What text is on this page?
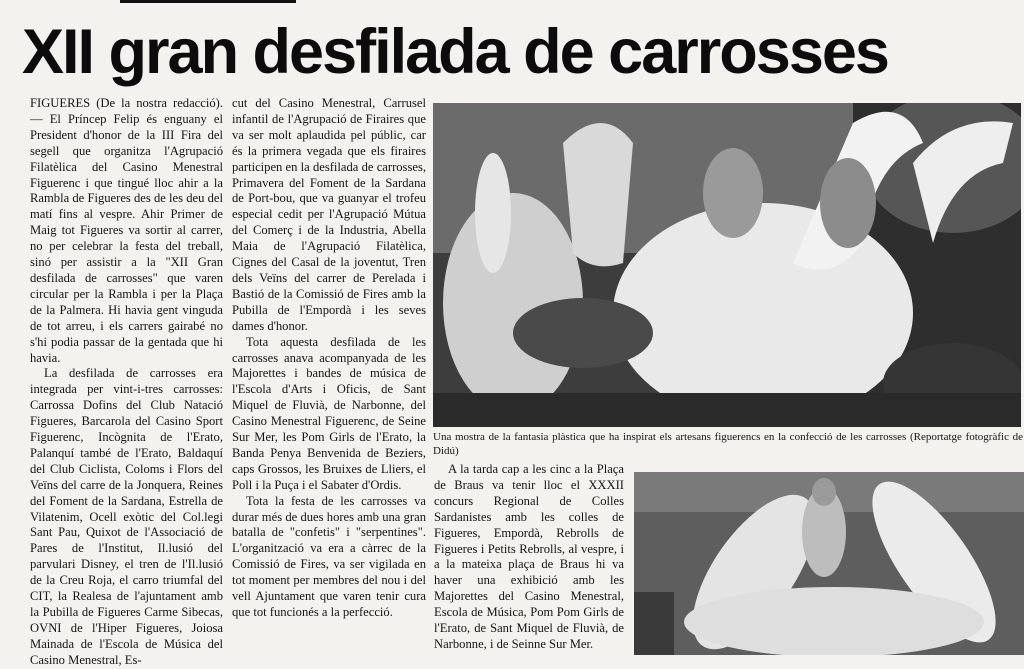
XII gran desfilada de carrosses

FIGUERES (De la nostra redacció).— El Príncep Felip és enguany el President d'honor de la III Fira del segell que organitza l'Agrupació Filatèlica del Casino Menestral Figuerenc i que tingué lloc ahir a la Rambla de Figueres des de les deu del matí fins al vespre. Ahir Primer de Maig tot Figueres va sortir al carrer, no per celebrar la festa del treball, sinó per assistir a la "XII Gran desfilada de carrosses" que varen circular per la Rambla i per la Plaça de la Palmera. Hi havia gent vinguda de tot arreu, i els carrers gairabé no s'hi podia passar de la gentada que hi havia.

La desfilada de carrosses era integrada per vint-i-tres carrosses: Carrossa Dofins del Club Natació Figueres, Barcarola del Casino Sport Figuerenc, Incògnita de l'Erato, Palanquí també de l'Erato, Baldaquí del Club Ciclista, Coloms i Flors del Veïns del carre de la Jonquera, Reines del Foment de la Sardana, Estrella de Vilatenim, Ocell exòtic del Col.legi Sant Pau, Quixot de l'Associació de Pares de l'Institut, Il.lusió del parvulari Disney, el tren de l'Il.lusió de la Creu Roja, el carro triumfal del CIT, la Realesa de l'ajuntament amb la Pubilla de Figueres Carme Sibecas, OVNI de l'Hiper Figueres, Joiosa Mainada de l'Escola de Música del Casino Menestral, Es-

cut del Casino Menestral, Carrusel infantil de l'Agrupació de Firaires que va ser molt aplaudida pel públic, car és la primera vegada que els firaires participen en la desfilada de carrosses, Primavera del Foment de la Sardana de Port-bou, que va guanyar el trofeu especial cedit per l'Agrupació Mútua del Comerç i de la Industria, Abella Maia de l'Agrupació Filatèlica, Cignes del Casal de la joventut, Tren dels Veïns del carrer de Perelada i Bastió de la Comissió de Fires amb la Pubilla de l'Empordà i les seves dames d'honor.

Tota aquesta desfilada de les carrosses anava acompanyada de les Majorettes i bandes de música de l'Escola d'Arts i Oficis, de Sant Miquel de Fluvià, de Narbonne, del Casino Menestral Figuerenc, de Seine Sur Mer, les Pom Girls de l'Erato, la Banda Penya Benvenida de Beziers, caps Grossos, les Bruixes de Lliers, el Poll i la Puça i el Sabater d'Ordis.

Tota la festa de les carrosses va durar més de dues hores amb una gran batalla de "confetis" i "serpentines". L'organització va era a càrrec de la Comissió de Fires, va ser vigilada en tot moment per membres del nou i del vell Ajuntament que varen tenir cura que tot funcionés a la perfecció.

Una mostra de la fantasia plàstica que ha inspirat els artesans figuerencs en la confecció de les carrosses (Reportatge fotogràfic de Didú)

A la tarda cap a les cinc a la Plaça de Braus va tenir lloc el XXXII concurs Regional de Colles Sardanistes amb les colles de Figueres, Empordà, Rebrolls de Figueres i Petits Rebrolls, al vespre, i a la mateixa plaça de Braus hi va haver una exhibició amb les Majorettes del Casino Menestral, Escola de Música, Pom Pom Girls de l'Erato, de Sant Miquel de Fluvià, de Narbonne, i de Seinne Sur Mer.
